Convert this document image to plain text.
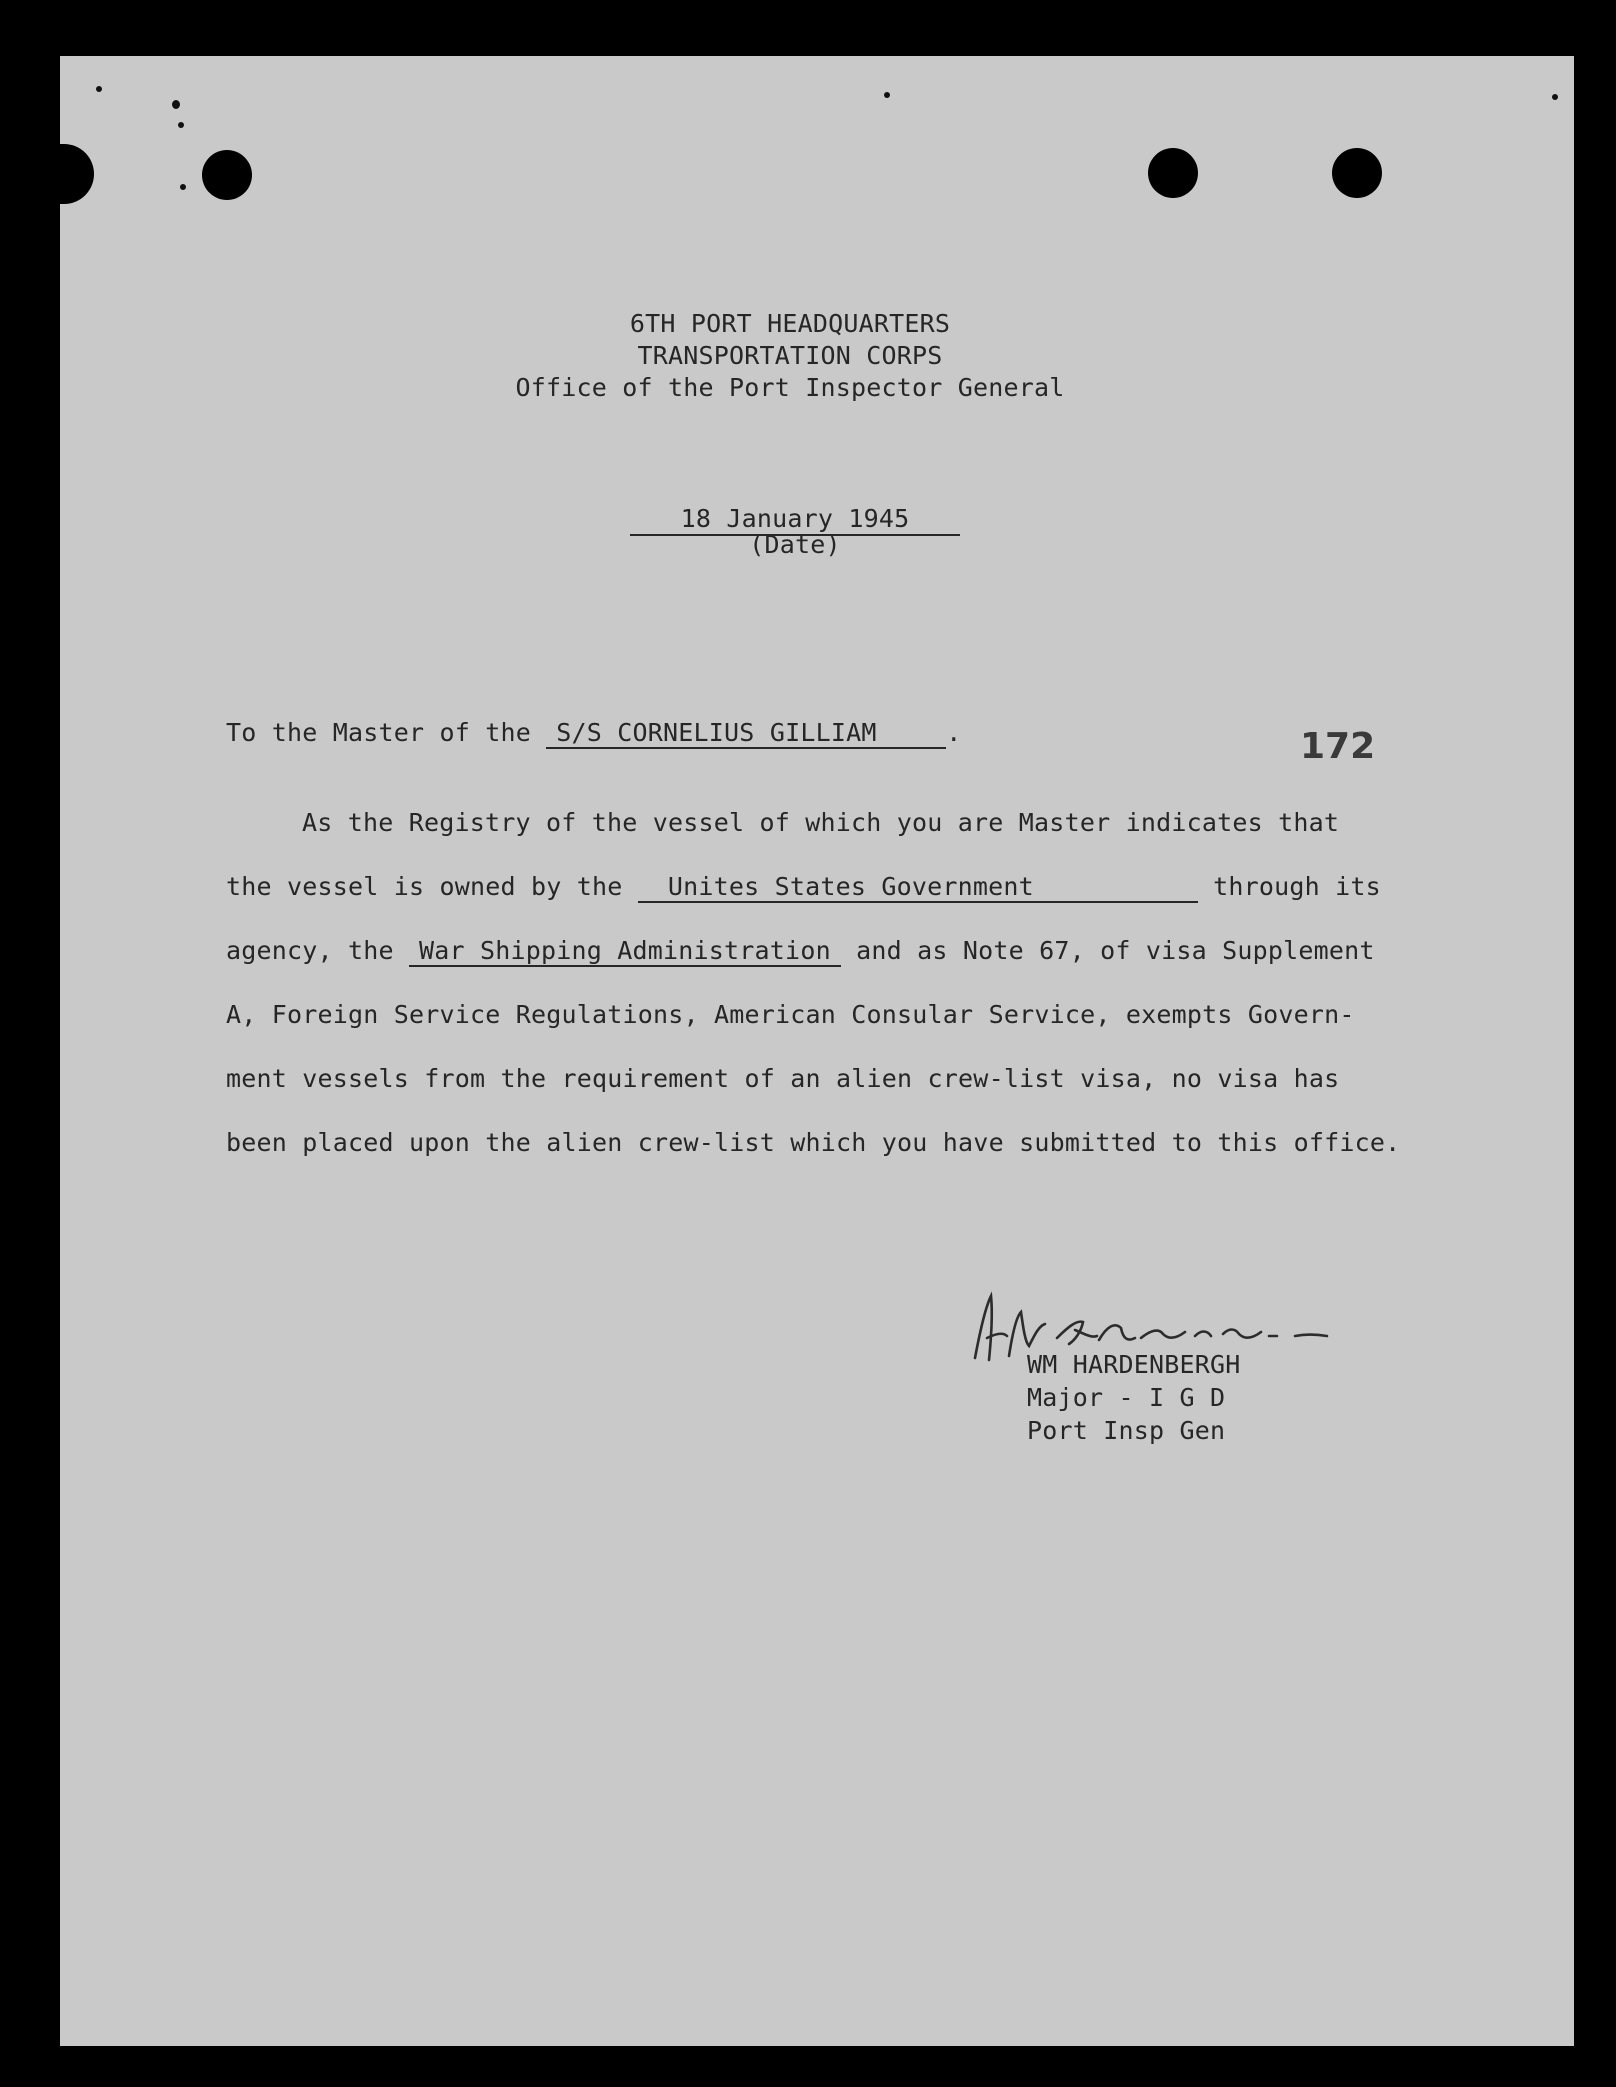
6TH PORT HEADQUARTERS
TRANSPORTATION CORPS
Office of the Port Inspector General
18 January 1945
(Date)
172
To the Master of the S/S CORNELIUS GILLIAM	.
As the Registry of the vessel of which you are Master indicates that
the vessel is owned by the Unites States Government	through its
agency, the War Shipping Administration and as Note 67, of visa Supplement
A, Foreign Service Regulations, American Consular Service, exempts Govern-
ment vessels from the requirement of an alien crew-list visa, no visa has
been placed upon the alien crew-list which you have submitted to this office.
WM HARDENBERGH
Major - I G D
Port Insp Gen
